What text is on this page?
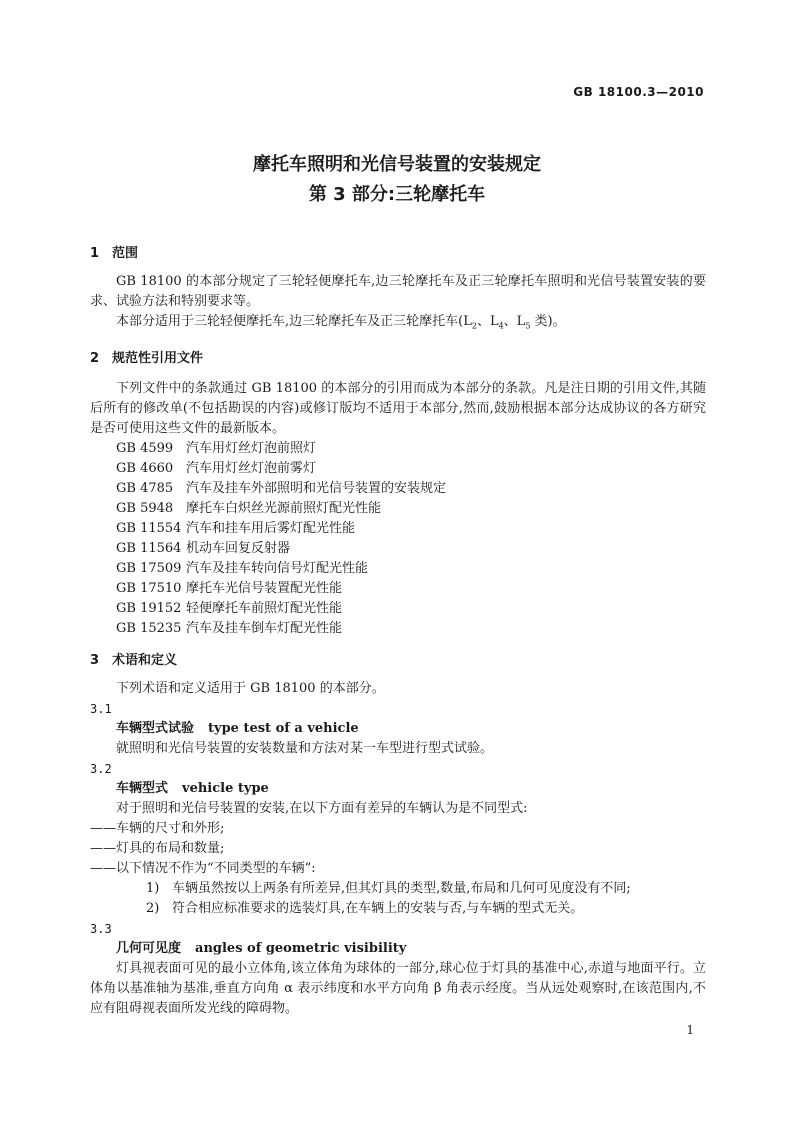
GB 18100.3—2010
摩托车照明和光信号装置的安装规定
第 3 部分:三轮摩托车
1 范围

GB 18100 的本部分规定了三轮轻便摩托车,边三轮摩托车及正三轮摩托车照明和光信号装置安装的要求、试验方法和特别要求等。

本部分适用于三轮轻便摩托车,边三轮摩托车及正三轮摩托车($L_2$、$L_4$、$L_5$ 类)。

2 规范性引用文件

下列文件中的条款通过 GB 18100 的本部分的引用而成为本部分的条款。凡是注日期的引用文件,其随后所有的修改单(不包括勘误的内容)或修订版均不适用于本部分,然而,鼓励根据本部分达成协议的各方研究是否可使用这些文件的最新版本。

GB 4599 汽车用灯丝灯泡前照灯

GB 4660 汽车用灯丝灯泡前雾灯

GB 4785 汽车及挂车外部照明和光信号装置的安装规定

GB 5948 摩托车白炽丝光源前照灯配光性能

GB 11554 汽车和挂车用后雾灯配光性能

GB 11564 机动车回复反射器

GB 17509 汽车及挂车转向信号灯配光性能

GB 17510 摩托车光信号装置配光性能

GB 19152 轻便摩托车前照灯配光性能

GB 15235 汽车及挂车倒车灯配光性能

3 术语和定义

下列术语和定义适用于 GB 18100 的本部分。

3.1

车辆型式试验 type test of a vehicle

就照明和光信号装置的安装数量和方法对某一车型进行型式试验。

3.2

车辆型式 vehicle type

对于照明和光信号装置的安装,在以下方面有差异的车辆认为是不同型式:

——车辆的尺寸和外形;

——灯具的布局和数量;

——以下情况不作为“不同类型的车辆”:

1) 车辆虽然按以上两条有所差异,但其灯具的类型,数量,布局和几何可见度没有不同;

2) 符合相应标准要求的选装灯具,在车辆上的安装与否,与车辆的型式无关。

3.3

几何可见度 angles of geometric visibility

灯具视表面可见的最小立体角,该立体角为球体的一部分,球心位于灯具的基准中心,赤道与地面平行。立体角以基准轴为基准,垂直方向角 α 表示纬度和水平方向角 β 角表示经度。当从远处观察时,在该范围内,不应有阻碍视表面所发光线的障碍物。

1
